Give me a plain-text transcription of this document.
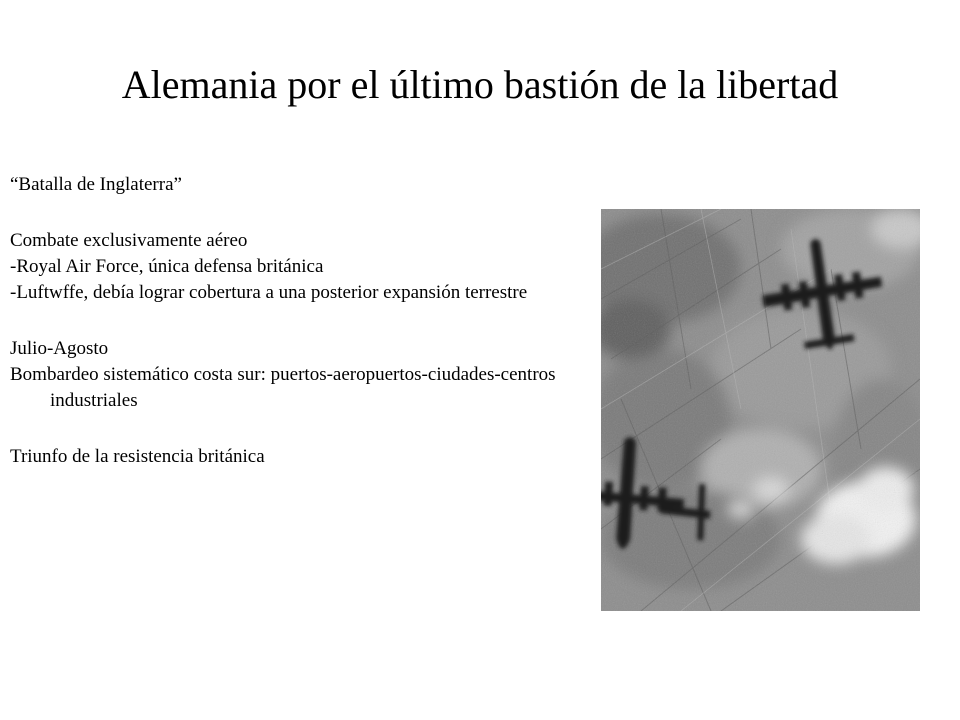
Alemania por el último bastión de la libertad

“Batalla de Inglaterra”

Combate exclusivamente aéreo

-Royal Air Force, única defensa británica

-Luftwffe, debía lograr cobertura a una posterior expansión terrestre

Julio-Agosto

Bombardeo sistemático costa sur: puertos-aeropuertos-ciudades-centros industriales

Triunfo de la resistencia británica
